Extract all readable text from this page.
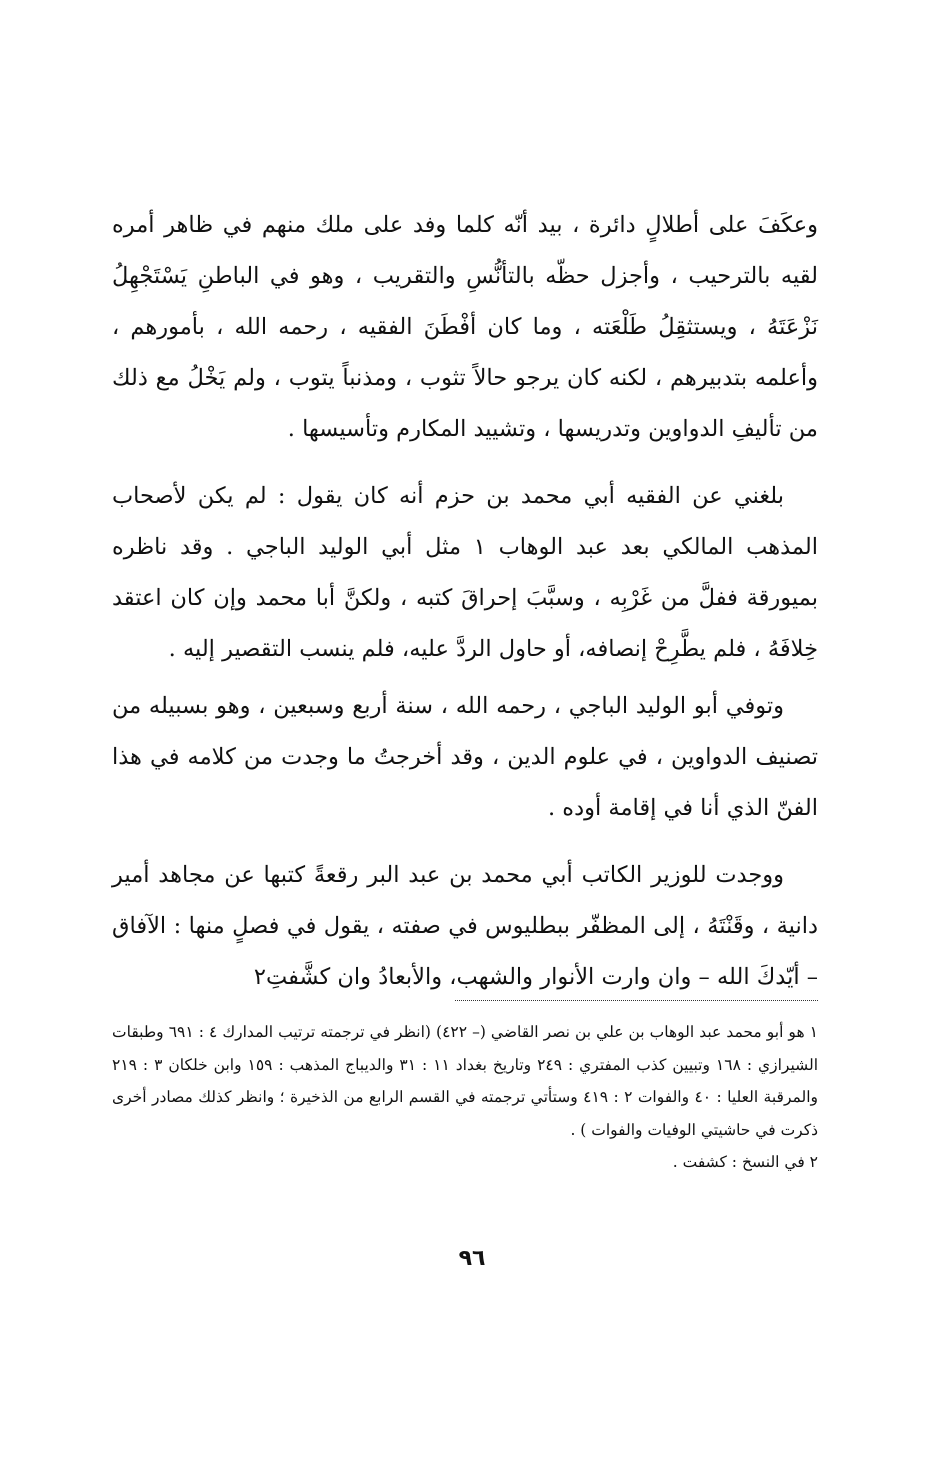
وعكَفَ على أطلالٍ دائرة ، بيد أنّه كلما وفد على ملك منهم في ظاهر أمره لقيه بالترحيب ، وأجزل حظّه بالتأنُّسِ والتقريب ، وهو في الباطنِ يَسْتَجْهِلُ نَزْعَتَهُ ، ويستثقِلُ طَلْعَته ، وما كان أفْطَنَ الفقيه ، رحمه الله ، بأمورهم ، وأعلمه بتدبيرهم ، لكنه كان يرجو حالاً تثوب ، ومذنباً يتوب ، ولم يَخْلُ مع ذلك من تأليفِ الدواوين وتدريسها ، وتشييد المكارم وتأسيسها .

بلغني عن الفقيه أبي محمد بن حزم أنه كان يقول : لم يكن لأصحاب المذهب المالكي بعد عبد الوهاب ١ مثل أبي الوليد الباجي . وقد ناظره بميورقة ففلَّ من غَرْبِه ، وسبَّبَ إحراقَ كتبه ، ولكنَّ أبا محمد وإن كان اعتقد خِلافَهُ ، فلم يطَّرِحْ إنصافه، أو حاول الردَّ عليه، فلم ينسب التقصير إليه .

وتوفي أبو الوليد الباجي ، رحمه الله ، سنة أربع وسبعين ، وهو بسبيله من تصنيف الدواوين ، في علوم الدين ، وقد أخرجتُ ما وجدت من كلامه في هذا الفنّ الذي أنا في إقامة أوده .

ووجدت للوزير الكاتب أبي محمد بن عبد البر رقعةً كتبها عن مجاهد أمير دانية ، وقَنْتَهُ ، إلى المظفّر ببطليوس في صفته ، يقول في فصلٍ منها : الآفاق – أيّدكَ الله – وان وارت الأنوار والشهب، والأبعادُ وان كشَّفتِ٢

١ هو أبو محمد عبد الوهاب بن علي بن نصر القاضي (– ٤٢٢) (انظر في ترجمته ترتيب المدارك ٤ : ٦٩١ وطبقات الشيرازي : ١٦٨ وتبيين كذب المفتري : ٢٤٩ وتاريخ بغداد ١١ : ٣١ والديباج المذهب : ١٥٩ وابن خلكان ٣ : ٢١٩ والمرقبة العليا : ٤٠ والفوات ٢ : ٤١٩ وستأتي ترجمته في القسم الرابع من الذخيرة ؛ وانظر كذلك مصادر أخرى ذكرت في حاشيتي الوفيات والفوات ) .

٢ في النسخ : كشفت .

٩٦
